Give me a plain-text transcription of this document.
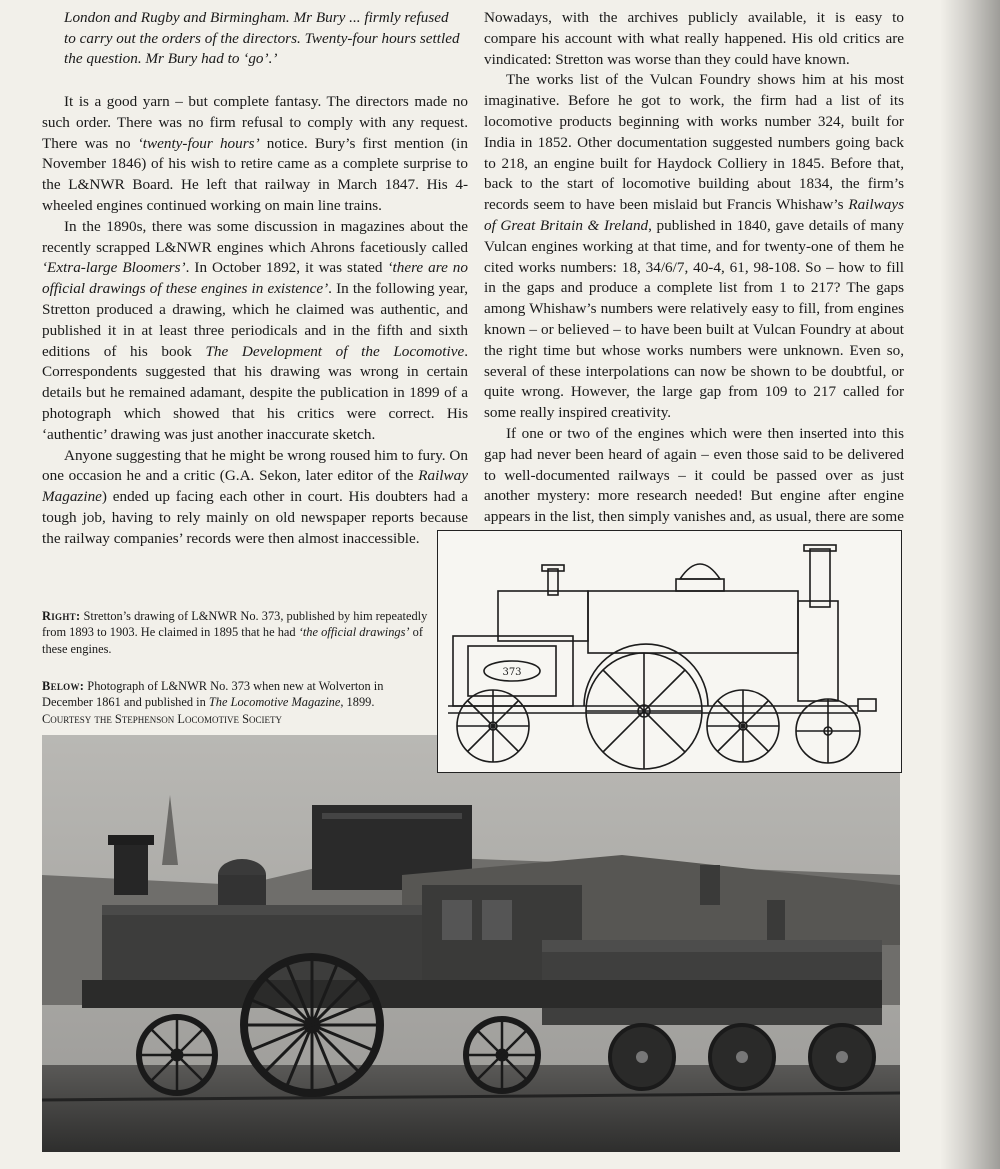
London and Rugby and Birmingham. Mr Bury ... firmly refused to carry out the orders of the directors. Twenty-four hours settled the question. Mr Bury had to ‘go’.’

It is a good yarn – but complete fantasy. The directors made no such order. There was no firm refusal to comply with any request. There was no ‘twenty-four hours’ notice. Bury’s first mention (in November 1846) of his wish to retire came as a complete surprise to the L&NWR Board. He left that railway in March 1847. His 4-wheeled engines continued working on main line trains.

In the 1890s, there was some discussion in magazines about the recently scrapped L&NWR engines which Ahrons facetiously called ‘Extra-large Bloomers’. In October 1892, it was stated ‘there are no official drawings of these engines in existence’. In the following year, Stretton produced a drawing, which he claimed was authentic, and published it in at least three periodicals and in the fifth and sixth editions of his book The Development of the Locomotive. Correspondents suggested that his drawing was wrong in certain details but he remained adamant, despite the publication in 1899 of a photograph which showed that his critics were correct. His ‘authentic’ drawing was just another inaccurate sketch.

Anyone suggesting that he might be wrong roused him to fury. On one occasion he and a critic (G.A. Sekon, later editor of the Railway Magazine) ended up facing each other in court. His doubters had a tough job, having to rely mainly on old newspaper reports because the railway companies’ records were then almost inaccessible.

Nowadays, with the archives publicly available, it is easy to compare his account with what really happened. His old critics are vindicated: Stretton was worse than they could have known.

The works list of the Vulcan Foundry shows him at his most imaginative. Before he got to work, the firm had a list of its locomotive products beginning with works number 324, built for India in 1852. Other documentation suggested numbers going back to 218, an engine built for Haydock Colliery in 1845. Before that, back to the start of locomotive building about 1834, the firm’s records seem to have been mislaid but Francis Whishaw’s Railways of Great Britain & Ireland, published in 1840, gave details of many Vulcan engines working at that time, and for twenty-one of them he cited works numbers: 18, 34/6/7, 40-4, 61, 98-108. So – how to fill in the gaps and produce a complete list from 1 to 217? The gaps among Whishaw’s numbers were relatively easy to fill, from engines known – or believed – to have been built at Vulcan Foundry at about the right time but whose works numbers were unknown. Even so, several of these interpolations can now be shown to be doubtful, or quite wrong. However, the large gap from 109 to 217 called for some really inspired creativity.

If one or two of the engines which were then inserted into this gap had never been heard of again – even those said to be delivered to well-documented railways – it could be passed over as just another mystery: more research needed! But engine after engine appears in the list, then simply vanishes and, as usual, there are some

Right: Stretton’s drawing of L&NWR No. 373, published by him repeatedly from 1893 to 1903. He claimed in 1895 that he had ‘the official drawings’ of these engines.
Below: Photograph of L&NWR No. 373 when new at Wolverton in December 1861 and published in The Locomotive Magazine, 1899.
Courtesy the Stephenson Locomotive Society
373
